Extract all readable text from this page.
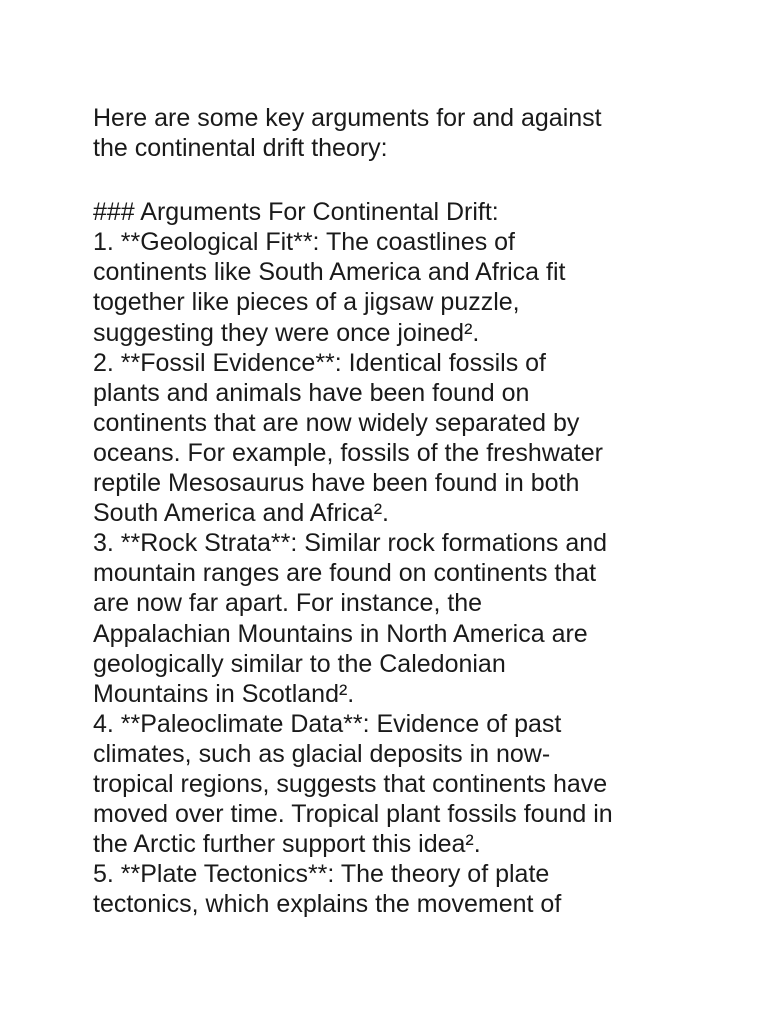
Here are some key arguments for and against
the continental drift theory:
### Arguments For Continental Drift:
1. **Geological Fit**: The coastlines of
continents like South America and Africa fit
together like pieces of a jigsaw puzzle,
suggesting they were once joined².
2. **Fossil Evidence**: Identical fossils of
plants and animals have been found on
continents that are now widely separated by
oceans. For example, fossils of the freshwater
reptile Mesosaurus have been found in both
South America and Africa².
3. **Rock Strata**: Similar rock formations and
mountain ranges are found on continents that
are now far apart. For instance, the
Appalachian Mountains in North America are
geologically similar to the Caledonian
Mountains in Scotland².
4. **Paleoclimate Data**: Evidence of past
climates, such as glacial deposits in now-
tropical regions, suggests that continents have
moved over time. Tropical plant fossils found in
the Arctic further support this idea².
5. **Plate Tectonics**: The theory of plate
tectonics, which explains the movement of
